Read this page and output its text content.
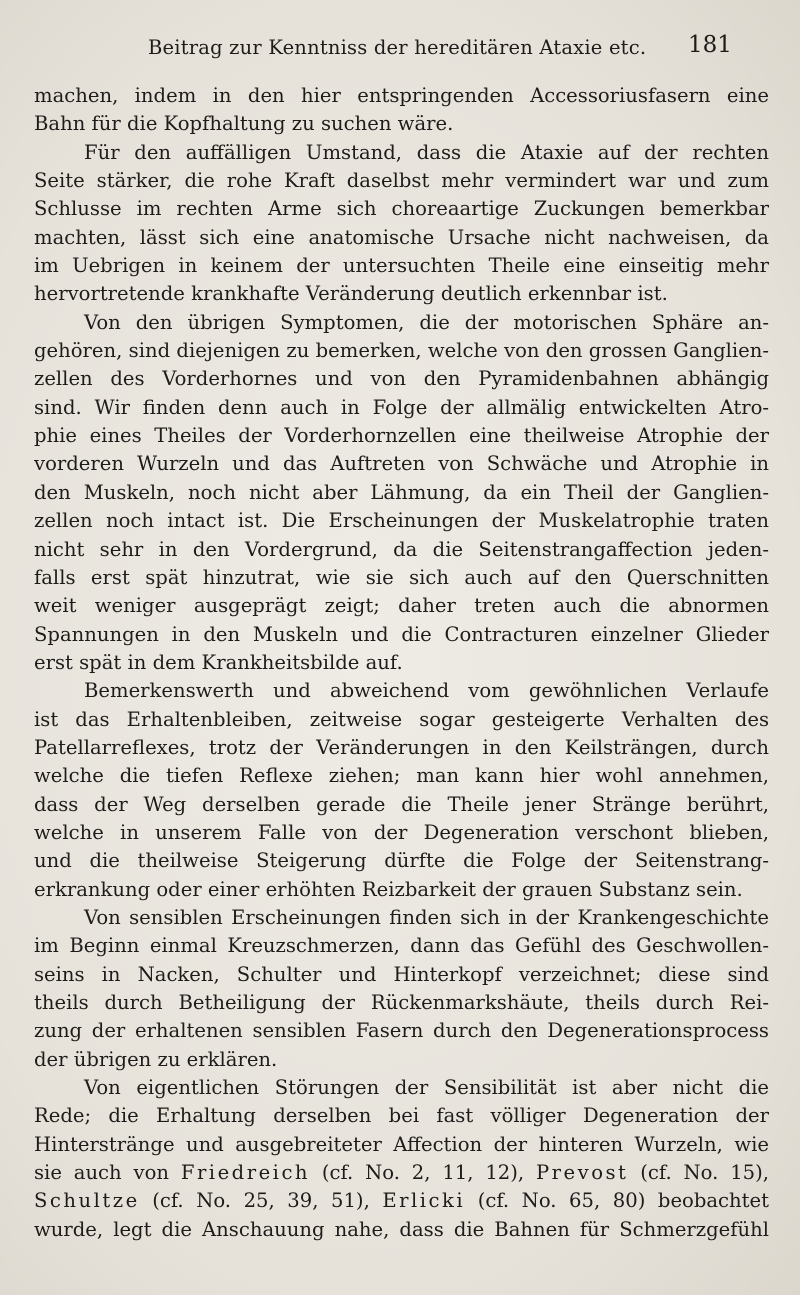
Beitrag zur Kenntniss der hereditären Ataxie etc. 181
machen, indem in den hier entspringenden Accessoriusfasern eine
Bahn für die Kopfhaltung zu suchen wäre.
Für den auffälligen Umstand, dass die Ataxie auf der rechten
Seite stärker, die rohe Kraft daselbst mehr vermindert war und zum
Schlusse im rechten Arme sich choreaartige Zuckungen bemerkbar
machten, lässt sich eine anatomische Ursache nicht nachweisen, da
im Uebrigen in keinem der untersuchten Theile eine einseitig mehr
hervortretende krankhafte Veränderung deutlich erkennbar ist.
Von den übrigen Symptomen, die der motorischen Sphäre an-
gehören, sind diejenigen zu bemerken, welche von den grossen Ganglien-
zellen des Vorderhornes und von den Pyramidenbahnen abhängig
sind. Wir finden denn auch in Folge der allmälig entwickelten Atro-
phie eines Theiles der Vorderhornzellen eine theilweise Atrophie der
vorderen Wurzeln und das Auftreten von Schwäche und Atrophie in
den Muskeln, noch nicht aber Lähmung, da ein Theil der Ganglien-
zellen noch intact ist. Die Erscheinungen der Muskelatrophie traten
nicht sehr in den Vordergrund, da die Seitenstrangaffection jeden-
falls erst spät hinzutrat, wie sie sich auch auf den Querschnitten
weit weniger ausgeprägt zeigt; daher treten auch die abnormen
Spannungen in den Muskeln und die Contracturen einzelner Glieder
erst spät in dem Krankheitsbilde auf.
Bemerkenswerth und abweichend vom gewöhnlichen Verlaufe
ist das Erhaltenbleiben, zeitweise sogar gesteigerte Verhalten des
Patellarreflexes, trotz der Veränderungen in den Keilsträngen, durch
welche die tiefen Reflexe ziehen; man kann hier wohl annehmen,
dass der Weg derselben gerade die Theile jener Stränge berührt,
welche in unserem Falle von der Degeneration verschont blieben,
und die theilweise Steigerung dürfte die Folge der Seitenstrang-
erkrankung oder einer erhöhten Reizbarkeit der grauen Substanz sein.
Von sensiblen Erscheinungen finden sich in der Krankengeschichte
im Beginn einmal Kreuzschmerzen, dann das Gefühl des Geschwollen-
seins in Nacken, Schulter und Hinterkopf verzeichnet; diese sind
theils durch Betheiligung der Rückenmarkshäute, theils durch Rei-
zung der erhaltenen sensiblen Fasern durch den Degenerationsprocess
der übrigen zu erklären.
Von eigentlichen Störungen der Sensibilität ist aber nicht die
Rede; die Erhaltung derselben bei fast völliger Degeneration der
Hinterstränge und ausgebreiteter Affection der hinteren Wurzeln, wie
sie auch von Friedreich (cf. No. 2, 11, 12), Prevost (cf. No. 15),
Schultze (cf. No. 25, 39, 51), Erlicki (cf. No. 65, 80) beobachtet
wurde, legt die Anschauung nahe, dass die Bahnen für Schmerzgefühl
